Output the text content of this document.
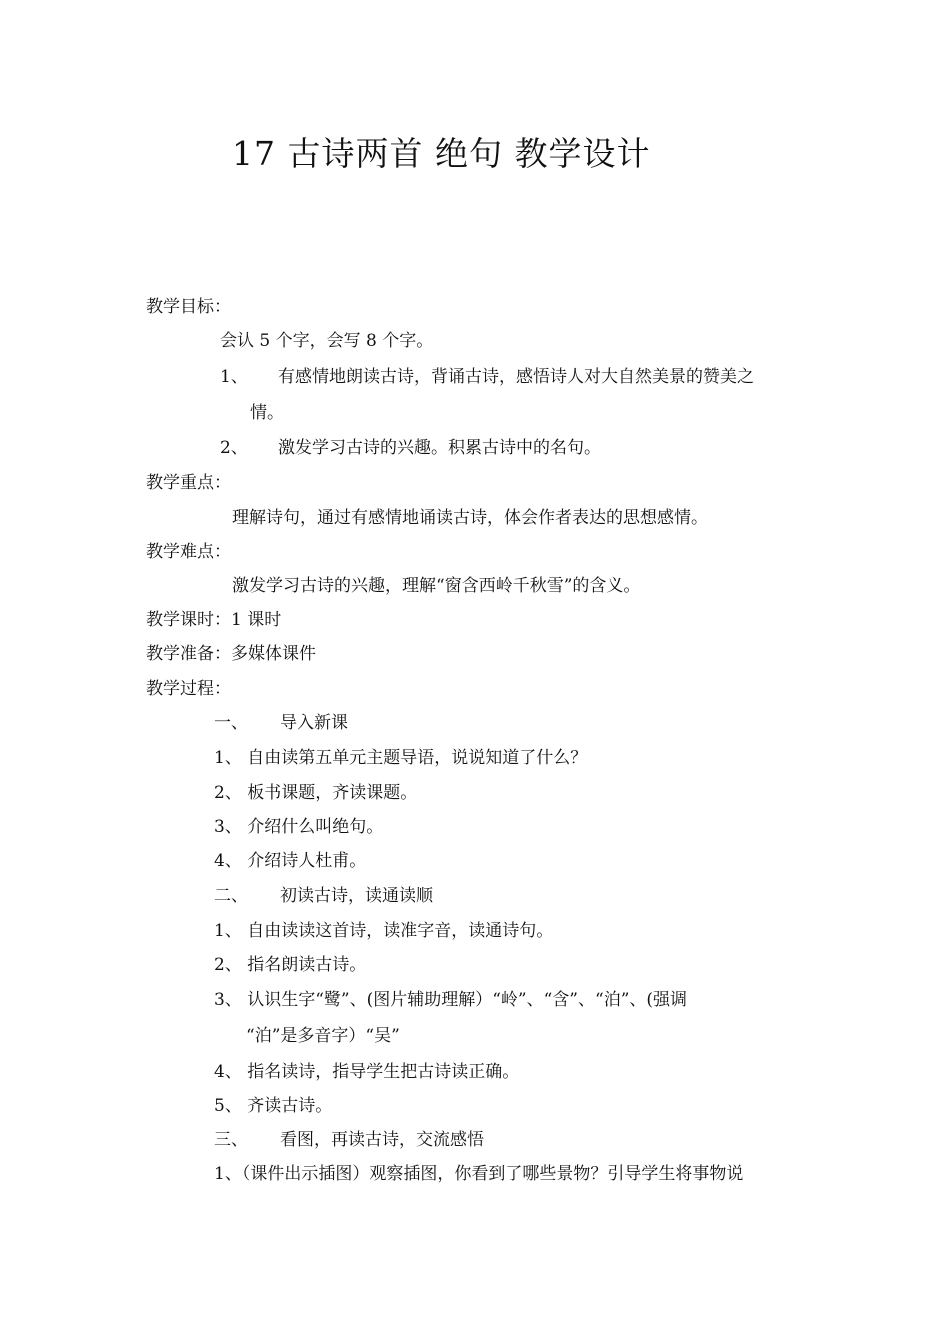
17 古诗两首 绝句 教学设计
教学目标：
会认 5 个字，会写 8 个字。
1、 有感情地朗读古诗，背诵古诗，感悟诗人对大自然美景的赞美之
情。
2、 激发学习古诗的兴趣。积累古诗中的名句。
教学重点：
理解诗句，通过有感情地诵读古诗，体会作者表达的思想感情。
教学难点：
激发学习古诗的兴趣，理解“窗含西岭千秋雪”的含义。
教学课时：1 课时
教学准备：多媒体课件
教学过程：
一、 导入新课
1、 自由读第五单元主题导语，说说知道了什么？
2、 板书课题，齐读课题。
3、 介绍什么叫绝句。
4、 介绍诗人杜甫。
二、 初读古诗，读通读顺
1、 自由读读这首诗，读准字音，读通诗句。
2、 指名朗读古诗。
3、 认识生字“鹭”、(图片辅助理解）“岭”、“含”、“泊”、(强调
“泊”是多音字）“吴”
4、 指名读诗，指导学生把古诗读正确。
5、 齐读古诗。
三、 看图，再读古诗，交流感悟
1、（课件出示插图）观察插图，你看到了哪些景物？引导学生将事物说
